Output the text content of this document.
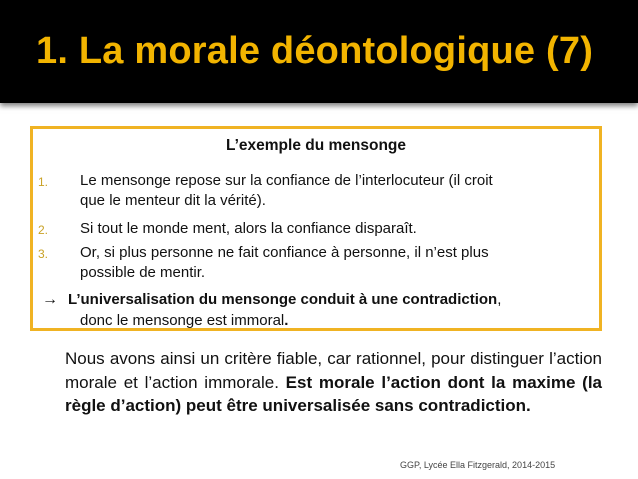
1. La morale déontologique (7)
L’exemple du mensonge
1. Le mensonge repose sur la confiance de l’interlocuteur (il croit
que le menteur dit la vérité).
2. Si tout le monde ment, alors la confiance disparaît.
3. Or, si plus personne ne fait confiance à personne, il n’est plus
possible de mentir.
→ L’universalisation du mensonge conduit à une contradiction,
donc le mensonge est immoral.

Nous avons ainsi un critère fiable, car rationnel, pour distinguer l’action morale et l’action immorale. Est morale l’action dont la maxime (la règle d’action) peut être universalisée sans contradiction.

GGP, Lycée Ella Fitzgerald, 2014-2015
